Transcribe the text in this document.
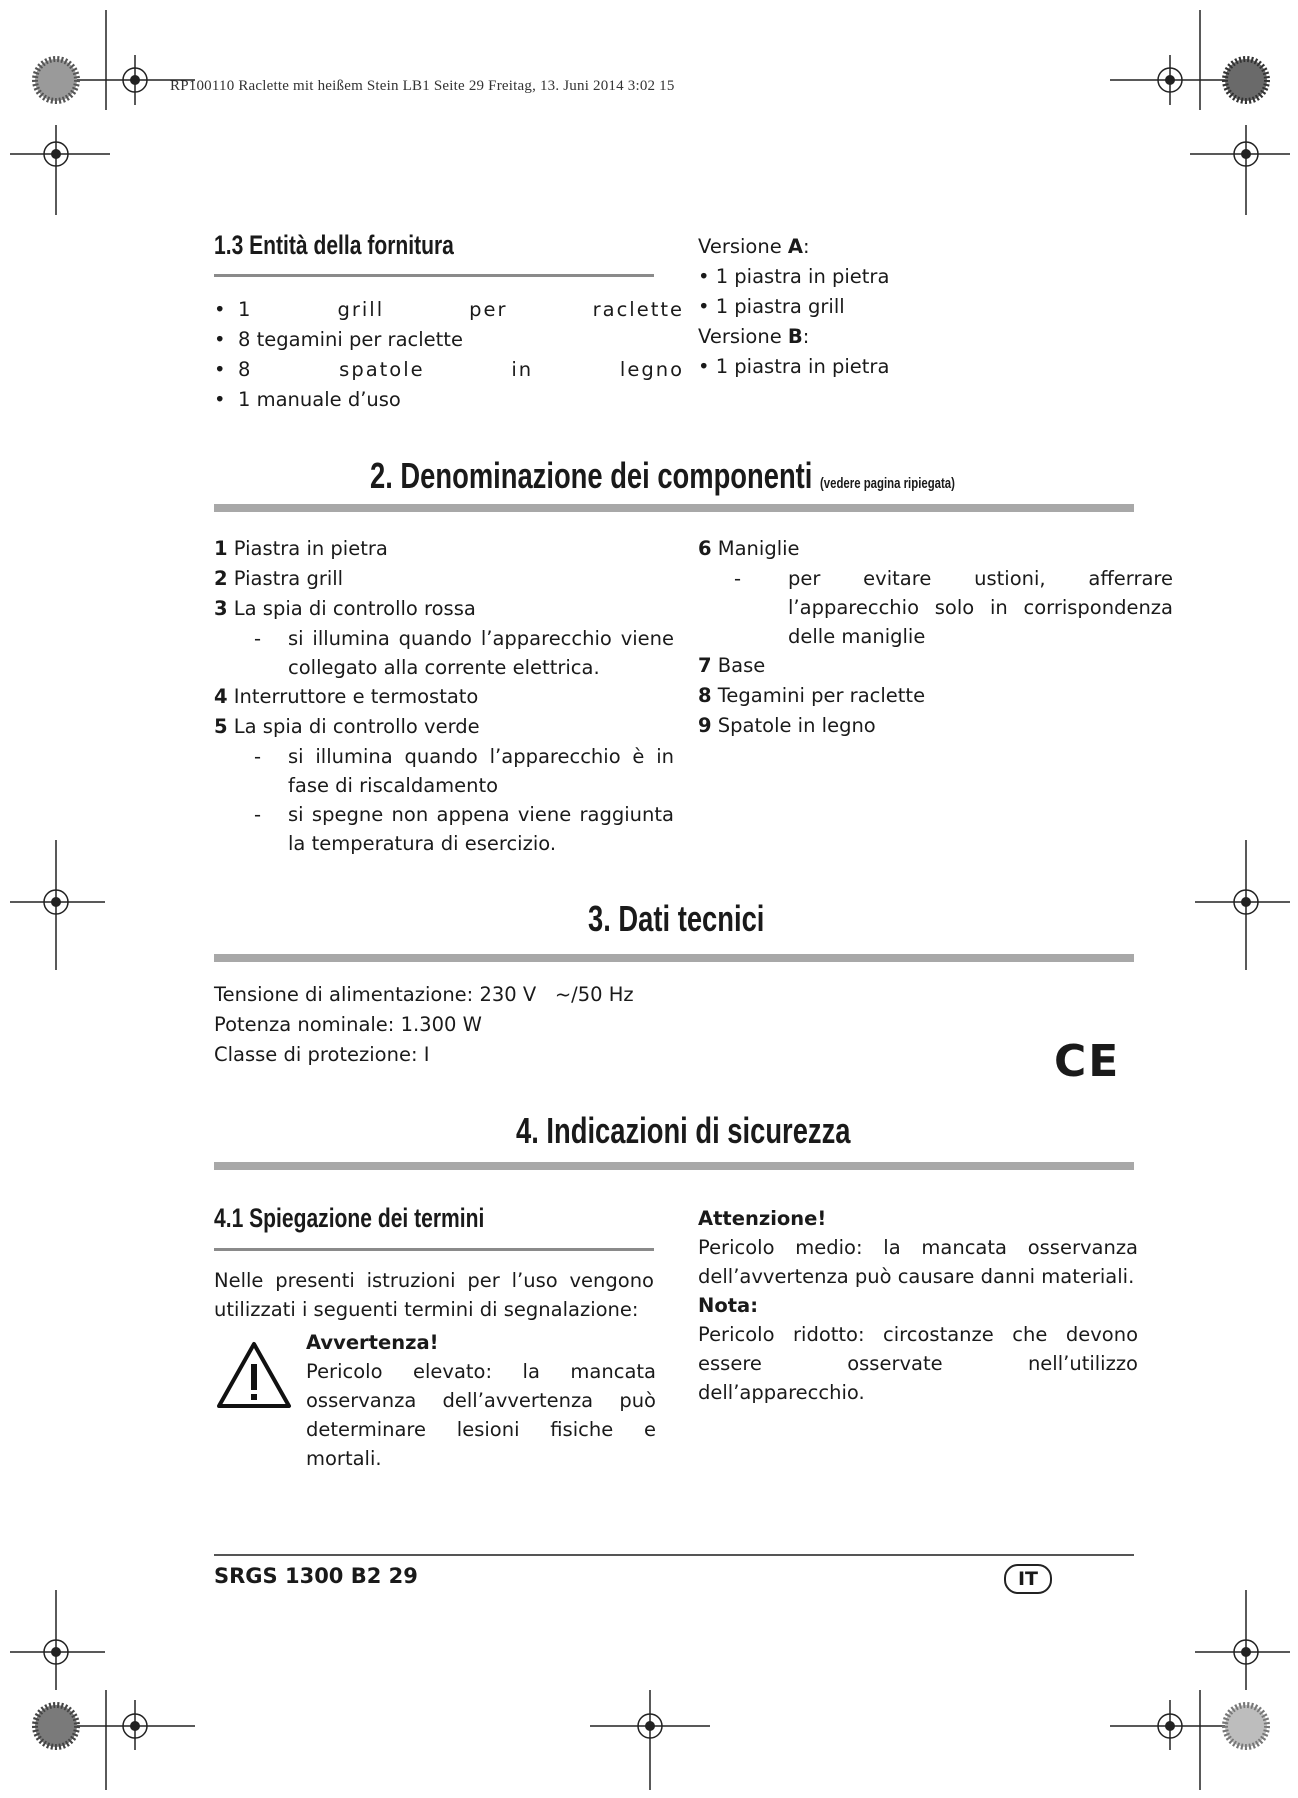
RP100110 Raclette mit heißem Stein LB1 Seite 29 Freitag, 13. Juni 2014 3:02 15
1.3 Entità della fornitura
• 1 grill per raclette
• 8 tegamini per raclette
• 8 spatole in legno
• 1 manuale d’uso
Versione A:
• 1 piastra in pietra
• 1 piastra grill
Versione B:
• 1 piastra in pietra
2. Denominazione dei componenti (vedere pagina ripiegata)
1 Piastra in pietra
2 Piastra grill
3 La spia di controllo rossa
-	si illumina quando l’apparecchio viene collegato alla corrente elettrica.
4 Interruttore e termostato
5 La spia di controllo verde
-	si illumina quando l’apparecchio è in fase di riscaldamento
-	si spegne non appena viene raggiunta la temperatura di esercizio.
6 Maniglie
-	per evitare ustioni, afferrare l’apparecchio solo in corrispondenza delle maniglie
7 Base
8 Tegamini per raclette
9 Spatole in legno
3. Dati tecnici
Tensione di alimentazione: 230 V ~/50 Hz
Potenza nominale: 1.300 W
Classe di protezione: I	CE
4. Indicazioni di sicurezza
4.1 Spiegazione dei termini
Nelle presenti istruzioni per l’uso vengono utilizzati i seguenti termini di segnalazione:
Avvertenza!
Pericolo elevato: la mancata osservanza dell’avvertenza può determinare lesioni fisiche e mortali.
Attenzione!
Pericolo medio: la mancata osservanza dell’avvertenza può causare danni materiali.
Nota:
Pericolo ridotto: circostanze che devono essere osservate nell’utilizzo dell’apparecchio.
SRGS 1300 B2 29	IT
